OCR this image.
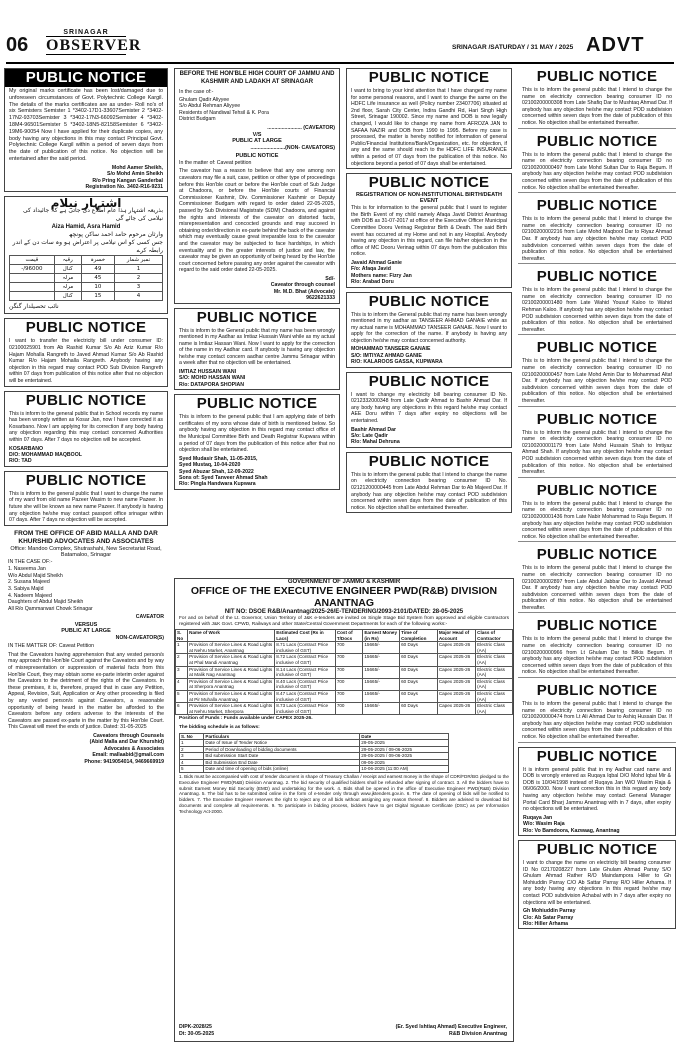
06
SRINAGAR
OBSERVER	SRINAGAR /SATURDAY / 31 MAY / 2025 ADVT
PUBLIC NOTICE
My original marks certificate has been lost/damaged due to unforeseen circumstances of Govt. Polytechnic College Kargil. The details of the marks certificates are as under- Roll no's of six Semisters Semister 1 *3402-17D1-33607Semister 2 *3402-17N2-93703Semister 3 *3402-17N3-66092Semister 4 *3402-18M4-96501Semister 5 *3402-18N5-82158Semister 6 *3402-19M6-90054 Now I have applied for their duplicate copies, any body having any objections in this may contact Principal Govt. Polytechnic College Kargil within a period of seven days from the date of publication of this notice. No objection will be entertained after the said period.
Mohd Aamer Sheikh,
S/o Mohd Amin Sheikh
R/o Pring Kangan Ganderbal
Registration No. 3402-R16-9231
اشتہار نیلام
بذریعہ اشتہار ہذا عام اطلاع دی جاتی ہے کہ جائیداد کی نیلامی کی جائے گی
Aiza Hamid, Asra Hamid
وارثان مرحوم حامد احمد ساکن پونچھ
جس کسی کو اس نیلامی پر اعتراض ہو وہ سات دن کے اندر رابطہ کرے
نمبر شمار	خسرہ	رقبہ	قیمت
1	49	کنال	96000/-
2	45	مرلہ	
3	10	مرلہ	
4	15	کنال	
نائب تحصیلدار گنگن
PUBLIC NOTICE
I want to transfer the electricity bill under consumer ID: 02100025901 from Ab Rashid Kumar S/o Ab Aziz Kumar R/o Hajam Mohalla Rangreth to Javed Ahmad Kumar S/o Ab Rashid Kumar R/o Hajam Mohalla Rangreth. Anybody having any objection in this regard may contact POD Sub Division Rangreth within 07 days from publication of this notice after that no objection will be entertained.
PUBLIC NOTICE
This is inform to the general public that in School records my name has been wrongly written as Kosar Jan, now I have corrected it as Kosarbano. Now I am applying for its correction if any body having any objection regarding this may contact concerned Authorities within 07 days. After 7 days no objection will be accepted.
KOSARBANO
D/O: MOHAMMAD MAQBOOL
R/O: TAD
PUBLIC NOTICE
This is inform to the general public that I want to change the name of my ward from old name Pazeer Wasim to new name Pazeer. In future she will be known as new name Pazeer. If anybody is having any objection he/she may contact passport office srinagar within 07 days. After 7 days no objection will be accepted.
FROM THE OFFICE OF ABID MALLA AND DAR KHURSHID ADVOCATES AND ASSOCIATES
Office: Mandoo Complex, Shutrashahi, New Secretariat Road, Batamaloo, Srinagar
IN THE CASE OF:-
1. Naseema Jan
W/o Abdul Majid Sheikh
2. Susana Majeed
3. Sabiya Majid
4. Nadeem Majeed
Daughters of Abdul Majid Sheikh
All R/o Qammarwari Chowk Srinagar
CAVEATOR
VERSUS
PUBLIC AT LARGE
NON-CAVEATOR(S)
IN THE MATTER OF: Caveat Petition
That the Caveators having apprehension that any vested person/s may approach this Hon'ble Court against the Caveators and by way of misrepresentation or suppression of material facts from this Hon'ble Court, they may obtain some ex-parte interim order against the Caveators to the detriment of the rights of the Caveators. In these premises, it is, therefore, prayed that in case any Petition, Appeal, Revision, Suit, Application or Any other proceeding is filed by any vested person/s against Caveators, a reasonable opportunity of being heard in the matter be afforded to the Caveators before any orders adverse to the interests of the Caveators are passed ex-parte in the matter by this Hon'ble Court. This Caveat will meet the ends of justice. Dated: 31-05-2025
Caveators through Counsels
(Abid Malla and Dar Khurshid)
Advocates & Associates
Email: mallaabid@gmail.com
Phone: 9419054014, 9469669919
BEFORE THE HON'BLE HIGH COURT OF JAMMU AND KASHMIR AND LADAKH AT SRINAGAR
In the case of:-
Ghulam Qadir Aliyyee
S/o Abdul Rehman Aliyyee
Residents of Nandiwal Tehsil & K. Pora
District Budgam
........................ (CAVEATOR)
V/S
PUBLIC AT LARGE
........................(NON- CAVEATORS)
PUBLIC NOTICE
In the matter of: Caveat petition
The caveator has a reason to believe that any one among non caveators may file a suit, case, petition or other type of proceedings before this Hon'ble court or before the Hon'ble court of Sub Judge at Chadoora, or before the Hon'ble courts of Financial Commissioner Kashmir, Div. Commissioner Kashmir or Deputy Commissioner Budgam with regard to order dated 22-05-2025, passed by Sub Divisional Magistrate (SDM) Chadoora, and against the rights and interests of the caveator on distorted facts, misrepresentation and concocted grounds and may succeed in obtaining order/direction in ex-parte behind the back of the caveator which may eventually cause great irreparable loss to the caveator and the caveator may be subjected to face hardships, in which eventuality and in the greater interests of justice and law, the caveator may be given an opportunity of being heard by the Hon'ble court concerned before passing any order against the caveator with regard to the said order dated 22-05-2025.
Sd/-
Caveator through counsel
Mr. M.D. Bhat (Advocate)
9622621333
PUBLIC NOTICE
This is inform to the General public that my name has been wrongly mentioned in my Aadhar as Imtiaz Hussain Wani while as my actual name is Imtiaz Hassan Wani. Now I want to apply for the correction of the name in my Aadhar card. If anybody is having any objection he/she may contact concern aadhar centre Jammu Srinagar within a week after that no objection will be entertained.
IMTIAZ HUSSAIN WANI
S/O: MOHD HASSAN WANI
R/o: DATAPORA SHOPIAN
PUBLIC NOTICE
This is inform to the general public that I am applying date of birth certificates of my sons whose date of birth is mentioned below. So anybody having any objection in this regard may contact office of the Municipal Committee Birth and Death Registrar Kupwara within a period of 07 days from the publication of this notice after that no objection shall be entertained.
Syed Mudasir Shah, 11-05-2015,
Syed Mustaq, 10-04-2020
Syed Abuzar Shah, 12-09-2022
Sons of: Syed Tanveer Ahmad Shah
R/o: Pingla Handwara Kupwara
PUBLIC NOTICE
I want to bring to your kind attention that I have changed my name for some personal reasons, and I want to change the same on the HDFC Life insurance as well (Policy number 23407706) situated at 2nd floor, Sarah City Center, Indira Gandhi Rd, Hari Singh High Street, Srinagar 190002. Since my name and DOB is now legally changed, I would like to change my name from AFROZA JAN to SAFAA NAZIR and DOB from 1990 to 1995. Before my case is processed, the matter is hereby notified for information of general Public/Financial Institutions/Bank/Organization, etc. for objection, if any and the same should reach to the HDFC LIFE INSURANCE within a period of 07 days from the publication of this notice. No objections beyond a period of 07 days shall be entertained.
PUBLIC NOTICE
REGISTRATION OF NON-INSTITUTIONAL BIRTH/DEATH EVENT
This is for information to the general public that I want to register the Birth Event of my child namely Afaqa Javid District Anantnag with DOB as 31-07-2017 at office of the Executive Officer Municipal Committee Dooru Verinag Registrar Birth & Death. The said Birth event has occurred at my Home and not in any Hospital. Anybody having any objection in this regard, can file his/her objection in the office of MC Dooru Verinag within 07 days from the publication this notice.
Javaid Ahmad Ganie
F/o: Afaqa Javid
Mothers name: Fizry Jan
R/o: Arabad Doru
PUBLIC NOTICE
This is to inform the General public that my name has been wrongly mentioned in my aadhar as TANSEER AHMAD GANAIE while as my actual name is MOHAMMAD TANSEER GANAIE. Now I want to apply for the correction of the name. If anybody is having any objection he/she may contact concerned authority.
MOHAMMAD TANSEER GANAIE
S/O: IMTIYAZ AHMAD GANIE
R/O: KALAROOS GASSA, KUPWARA
PUBLIC NOTICE
I want to change my electricity bill bearing consumer ID No. 0212332000348 from Late Qadir Ahmad to Bashir Ahmad Dar. If any body having any objections in this regard he/she may contact AEE Doru within 7 days after expiry no objections will be entertained.
Bashir Ahmad Dar
S/o: Late Qadir
R/o: Mahal Dehruna
PUBLIC NOTICE
This is to inform the general public that I intend to change the name on electricity connection bearing consumer ID No. 02121200000445 from Late Abdul Rehman Dar to Ab Majeed Dar. If anybody has any objection he/she may contact POD subdivision concerned within seven days from the date of publication of this notice. No objection shall be entertained thereafter.
GOVERNMENT OF JAMMU & KASHMIR
OFFICE OF THE EXECUTIVE ENGINEER PWD(R&B) DIVISION ANANTNAG
NIT NO: DSOE R&B/Anantnag/2025-26/E-TENDERING/2093-2101/DATED: 28-05-2025
For and on behalf of the Lt. Governor, Union Territory of J&K e-tenders are invited on Single Stage Bid System from approved and eligible Contractors registered with J&K Govt. CPWD, Railways and other State/Central Government Departments for each of the following works:-
S. No	Name of Work	Estimated Cost (Rs in Lacs)	Cost of T/Docs	Earnest Money (in Rs)	Time of Completion	Major Head of Account	Class of Contractor
1	Provision of Service Lines & Road Lights at Nehru Market, Anantnag	8.71 Lacs (Contract Price inclusive of GST)	700	15665/-	60 Days	Capex 2025-26	Electric Class (AA)
2	Provision of Service Lines & Road Lights at Phal Mandi Anantnag	8.72 Lacs (Contract Price inclusive of GST)	700	15665/-	60 Days	Capex 2025-26	Electric Class (AA)
3	Provision of Service Lines & Road Lights at Malik Nag Anantnag	8.14 Lacs (Contract Price inclusive of GST)	700	15665/-	60 Days	Capex 2025-26	Electric Class (AA)
4	Provision of Service Lines & Road Lights at Sherpora Anantnag	8.40 Lacs (Contract Price inclusive of GST)	700	15665/-	60 Days	Capex 2025-26	Electric Class (AA)
5	Provision of Service Lines & Road Lights at Pir Muhalla Anantnag	8.47 Lacs (Contract Price inclusive of GST)	700	15665/-	60 Days	Capex 2025-26	Electric Class (AA)
6	Provision of Service Lines & Road Lights at Nehru Market, Sherpora	8.73 Lacs (Contract Price inclusive of GST)	700	15665/-	60 Days	Capex 2025-26	Electric Class (AA)
Position of Funds : Funds available under CAPEX 2025-26.
The bidding schedule is as follows:
S. No	Particulars	Date
1	Date of Issue of Tender Notice	29-05-2025
2	Period of Downloading of bidding documents	29-05-2025 / 09-06-2025
3	Bid submission Start Date	29-05-2025 / 09-06-2025
4	Bid Submission End Date	09-06-2025
5	Date and time of opening of bids (online)	10-06-2025 (11:00 AM)
1. Bids must be accompanied with cost of tender document in shape of Treasury Challan / receipt and earnest money in the shape of CDR/FDR/BG pledged to the Executive Engineer PWD(R&B) Division Anantnag. 2. The bid security of qualified bidders shall be refunded after signing of contract. 3. All the bidders have to submit Earnest Money Bid Security (EMD) and undertaking for the work. 4. Bids shall be opened in the office of Executive Engineer PWD(R&B) Division Anantnag. 5. The bid has to be submitted online in the form of e-tender only through www.jktenders.gov.in. 6. The date of opening of bids will be notified to bidders. 7. The Executive Engineer reserves the right to reject any or all bids without assigning any reason thereof. 8. Bidders are advised to download bid documents and complete all requirements. 9. To participate in bidding process, bidders have to get Digital Signature Certificate (DSC) as per Information Technology Act-2000.
DIPK-2028/25
Dt: 30-05-2025
(Er. Syed Ishtiaq Ahmad) Executive Engineer,
R&B Division Anantnag
PUBLIC NOTICE
This is to inform the general public that I intend to change the name on electricity connection bearing consumer ID no 02100200000308 from Late Shafiq Dar to Mushtaq Ahmad Dar. If anybody has any objection he/she may contact POD subdivision concerned within seven days from the date of publication of this notice. No objection shall be entertained thereafter.
PUBLIC NOTICE
This is to inform the general public that I intend to change the name on electricity connection bearing consumer ID no 02100200000497 from Late Mohd Sultan Dar to Raja Begum. If anybody has any objection he/she may contact POD subdivision concerned within seven days from the date of publication of this notice. No objection shall be entertained thereafter.
PUBLIC NOTICE
This is to inform the general public that I intend to change the name on electricity connection bearing consumer ID no 02100200002216 from Late Mohd Maqbool Dar to Riyaz Ahmad Dar. If anybody has any objection he/she may contact POD subdivision concerned within seven days from the date of publication of this notice. No objection shall be entertained thereafter.
PUBLIC NOTICE
This is to inform the general public that I intend to change the name on electricity connection bearing consumer ID no 02100200001480 from Late Wahid Yousuf Kaloo to Wahid Rehman Kaloo. If anybody has any objection he/she may contact POD subdivision concerned within seven days from the date of publication of this notice. No objection shall be entertained thereafter.
PUBLIC NOTICE
This is to inform the general public that I intend to change the name on electricity connection bearing consumer ID no 02100200000457 from Late Mohd Amin Dar to Mohammad Altaf Dar. If anybody has any objection he/she may contact POD subdivision concerned within seven days from the date of publication of this notice. No objection shall be entertained thereafter.
PUBLIC NOTICE
This is to inform the general public that I intend to change the name on electricity connection bearing consumer ID no 02100200001179 from Late Mohd Hussain Shah to Imtiyaz Ahmad Shah. If anybody has any objection he/she may contact POD subdivision concerned within seven days from the date of publication of this notice. No objection shall be entertained thereafter.
PUBLIC NOTICE
This is to inform the general public that I intend to change the name on electricity connection bearing consumer ID no 02100200001436 from Late Nabir Mohammad to Raja Begum. If anybody has any objection he/she may contact POD subdivision concerned within seven days from the date of publication of this notice. No objection shall be entertained thereafter.
PUBLIC NOTICE
This is to inform the general public that I intend to change the name on electricity connection bearing consumer ID no 02100200002897 from Late Abdul Jabbar Dar to Javaid Ahmad Dar. If anybody has any objection he/she may contact POD subdivision concerned within seven days from the date of publication of this notice. No objection shall be entertained thereafter.
PUBLIC NOTICE
This is to inform the general public that I intend to change the name on electricity connection bearing consumer ID no 02100200000966 from Lt Ghulam Dar to Bilkis Begum. If anybody has any objection he/she may contact POD subdivision concerned within seven days from the date of publication of this notice. No objection shall be entertained thereafter.
PUBLIC NOTICE
This is to inform the general public that I intend to change the name on electricity connection bearing consumer ID no 02100200000474 from Lt Ali Ahmad Dar to Ashiq Hussain Dar. If anybody has any objection he/she may contact POD subdivision concerned within seven days from the date of publication of this notice. No objection shall be entertained thereafter.
PUBLIC NOTICE
It is inform general public that in my Aadhar card name and DOB is wrongly entered as Ruqaya Iqbal D/O Mohd Iqbal Mir & DOB is 10/04/1998 instead of Ruqaya Jan W/O Wasim Raja & 06/06/2000. Now I want correction this in this regard any body having any objection he/she may contact General Manager Portal Card Bharj Jammu Anantnag with in 7 days, after expiry no objections will be entertained.
Ruqaya Jan
W/o: Wasim Raja
R/o: Vo Bamdoora, Kazwaag, Anantnag
PUBLIC NOTICE
I want to change the name on electricity bill bearing consumer ID No 02170208227 from Late Ghulam Ahmad Parray S/O Ghulam Ahmad Rather R/O Maindampora Hiller to Gh Mohiuddin Parray C/O Ab Sattar Parray R/O Hiller Arhama. If any body having any objections in this regard he/she may contact POD subdivision Achabal with in 7 days after expiry no objections will be entertained.
Gh Mohiuddin Parray
C/o: Ab Satar Parray
R/o: Hiller Arhama
